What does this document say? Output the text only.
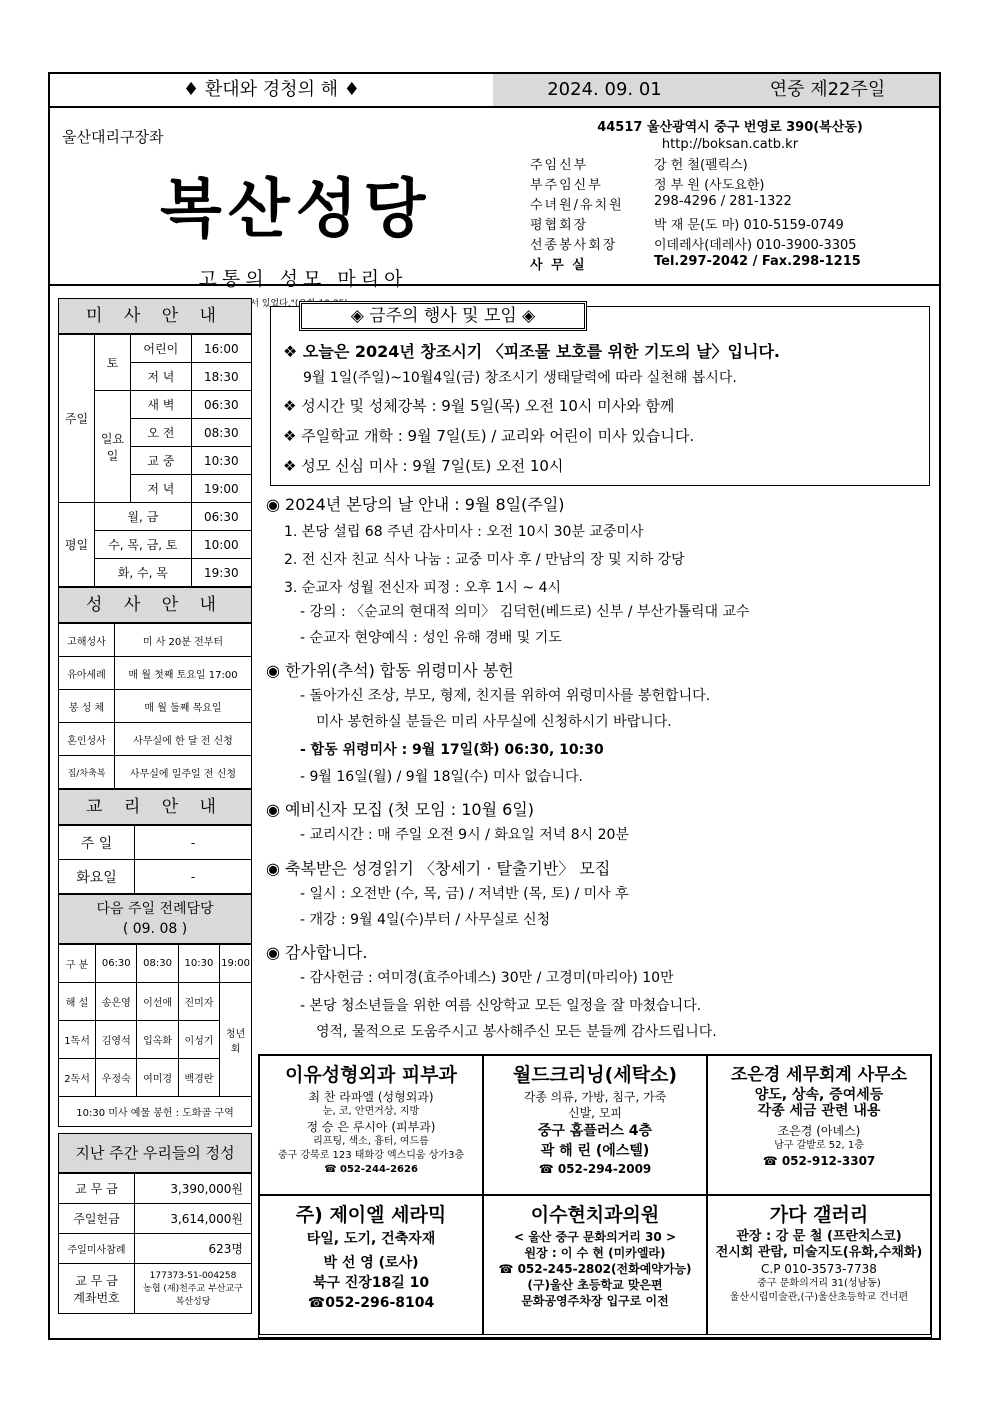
♦ 환대와 경청의 해 ♦	2024. 09. 01	연중 제22주일
울산대리구장좌
복산성당
고통의 성모 마리아
서 있었다."(요한
44517 울산광역시 중구 번영로 390(복산동)
http://boksan.catb.kr
주임신부	강 헌 철(펠릭스)
부주임신부	정 부 원 (사도요한)
수녀원/유치원	298-4296 / 281-1322
평협회장	박 재 문(도 마) 010-5159-0749
선종봉사회장	이데레사(데레사) 010-3900-3305
사 무 실	Tel.297-2042 / Fax.298-1215
미 사 안 내
주일	토	어린이	16:00
		저 녁	18:30
	일요일	새 벽	06:30
		오 전	08:30
		교 중	10:30
		저 녁	19:00
평일	월, 금		06:30
	수, 목, 금, 토		10:00
	화, 수, 목		19:30
성 사 안 내
고해성사	미 사 20분 전부터
유아세례	매 월 첫째 토요일 17:00
봉 성 체	매 월 둘째 목요일
혼인성사	사무실에 한 달 전 신청
집/차축복	사무실에 일주일 전 신청
교 리 안 내
주 일	-
화요일	-
다음 주일 전례담당
( 09. 08 )
구 분	06:30	08:30	10:30	19:00
해 설	송은영	이선애	진미자	청년회
1독서	김영석	입옥화	이성기	
2독서	우정숙	여미경	백경란	
10:30 미사 예물 봉헌 : 도화골 구역				
지난 주간 우리들의 정성
교 무 금	3,390,000원
주일헌금	3,614,000원
주일미사참례	623명
교 무 금
계좌번호	177373-51-004258
농협 (재)천주교 부산교구
복산성당
◈ 금주의 행사 및 모임 ◈
❖ 오늘은 2024년 창조시기 〈피조물 보호를 위한 기도의 날〉입니다.
9월 1일(주일)~10월4일(금) 창조시기 생태달력에 따라 실천해 봅시다.
❖ 성시간 및 성체강복 : 9월 5일(목) 오전 10시 미사와 함께
❖ 주일학교 개학 : 9월 7일(토) / 교리와 어린이 미사 있습니다.
❖ 성모 신심 미사 : 9월 7일(토) 오전 10시
◉ 2024년 본당의 날 안내 : 9월 8일(주일)
1. 본당 설립 68 주년 감사미사 : 오전 10시 30분 교중미사
2. 전 신자 친교 식사 나눔 : 교중 미사 후 / 만남의 장 및 지하 강당
3. 순교자 성월 전신자 피정 : 오후 1시 ~ 4시
- 강의 : 〈순교의 현대적 의미〉 김덕헌(베드로) 신부 / 부산가톨릭대 교수
- 순교자 현양예식 : 성인 유해 경배 및 기도
◉ 한가위(추석) 합동 위령미사 봉헌
- 돌아가신 조상, 부모, 형제, 친지를 위하여 위령미사를 봉헌합니다.
미사 봉헌하실 분들은 미리 사무실에 신청하시기 바랍니다.
- 합동 위령미사 : 9월 17일(화) 06:30, 10:30
- 9월 16일(월) / 9월 18일(수) 미사 없습니다.
◉ 예비신자 모집 (첫 모임 : 10월 6일)
- 교리시간 : 매 주일 오전 9시 / 화요일 저녁 8시 20분
◉ 축복받은 성경읽기 〈창세기 · 탈출기반〉 모집
- 일시 : 오전반 (수, 목, 금) / 저녁반 (목, 토) / 미사 후
- 개강 : 9월 4일(수)부터 / 사무실로 신청
◉ 감사합니다.
- 감사헌금 : 여미경(효주아녜스) 30만 / 고경미(마리아) 10만
- 본당 청소년들을 위한 여름 신앙학교 모든 일정을 잘 마쳤습니다.
영적, 물적으로 도움주시고 봉사해주신 모든 분들께 감사드립니다.
이유성형외과 피부과
최 찬 라파엘 (성형외과)
눈, 코, 안면거상, 지방
정 승 은 루시아 (피부과)
리프팅, 색소, 흉터, 여드름
중구 강북로 123 태화강 엑스디움 상가3층
☎ 052-244-2626
월드크리닝(세탁소)
각종 의류, 가방, 침구, 가죽
신발, 모피
중구 홈플러스 4층
곽 해 린 (에스텔)
☎ 052-294-2009
조은경 세무회계 사무소
양도, 상속, 증여세등
각종 세금 관련 내용
조은경 (아녜스)
남구 갈밭로 52, 1층
☎ 052-912-3307
주) 제이엘 세라믹
타일, 도기, 건축자재
박 선 영 (로사)
북구 진장18길 10
☎052-296-8104
이수현치과의원
< 울산 중구 문화의거리 30 >
원장 : 이 수 현 (미카엘라)
☎ 052-245-2802(전화예약가능)
(구)울산 초등학교 맞은편
문화공영주차장 입구로 이전
가다 갤러리
관장 : 강 문 철 (프란치스코)
전시회 관람, 미술지도(유화,수채화)
C.P 010-3573-7738
중구 문화의거리 31(성남동)
울산시립미술관,(구)울산초등학교 건너편
